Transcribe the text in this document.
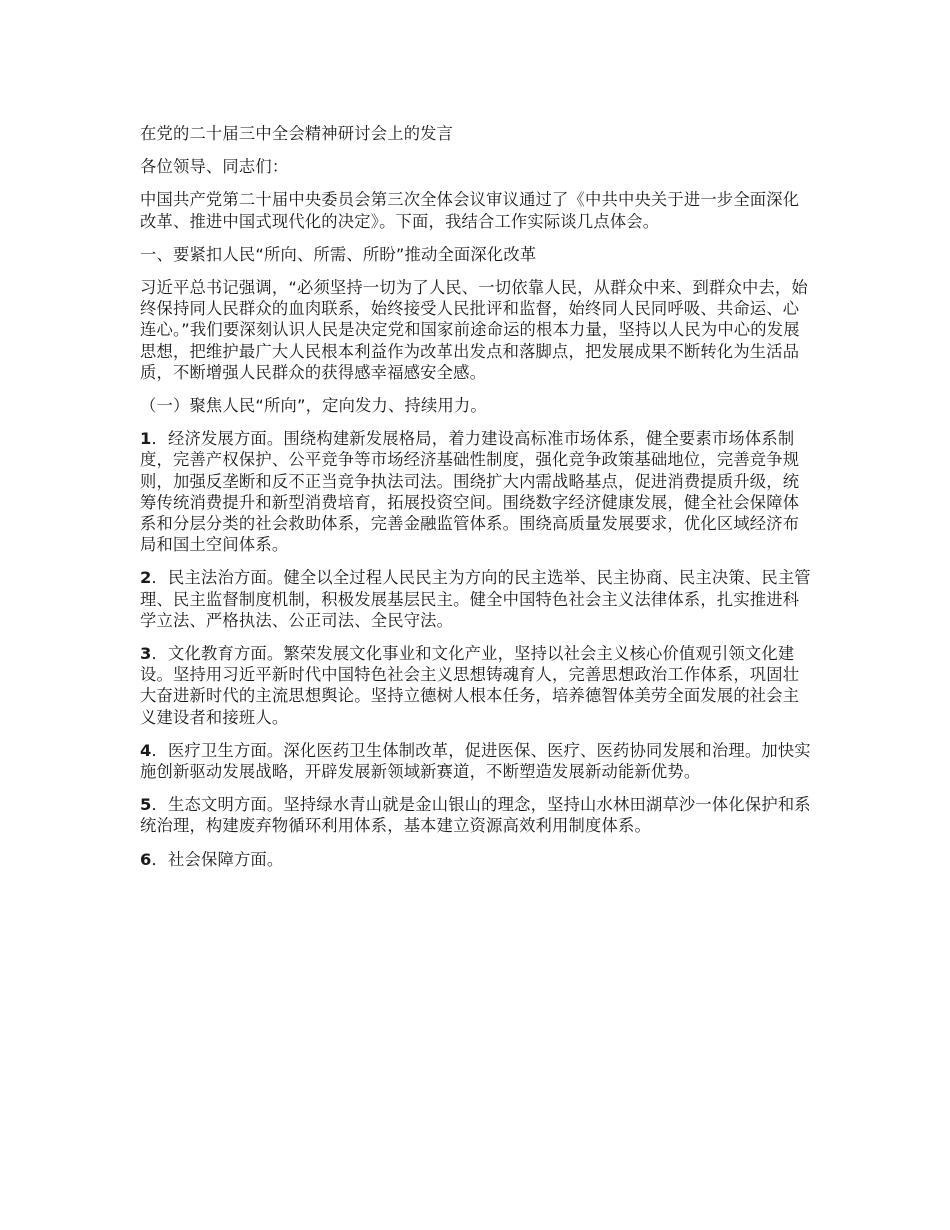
在党的二十届三中全会精神研讨会上的发言

各位领导、同志们：

中国共产党第二十届中央委员会第三次全体会议审议通过了《中共中央关于进一步全面深化改革、推进中国式现代化的决定》。下面，我结合工作实际谈几点体会。

一、要紧扣人民“所向、所需、所盼”推动全面深化改革

习近平总书记强调，“必须坚持一切为了人民、一切依靠人民，从群众中来、到群众中去，始终保持同人民群众的血肉联系，始终接受人民批评和监督，始终同人民同呼吸、共命运、心连心。”我们要深刻认识人民是决定党和国家前途命运的根本力量，坚持以人民为中心的发展思想，把维护最广大人民根本利益作为改革出发点和落脚点，把发展成果不断转化为生活品质，不断增强人民群众的获得感幸福感安全感。

（一）聚焦人民“所向”，定向发力、持续用力。

1．经济发展方面。围绕构建新发展格局，着力建设高标准市场体系，健全要素市场体系制度，完善产权保护、公平竞争等市场经济基础性制度，强化竞争政策基础地位，完善竞争规则，加强反垄断和反不正当竞争执法司法。围绕扩大内需战略基点，促进消费提质升级，统筹传统消费提升和新型消费培育，拓展投资空间。围绕数字经济健康发展，健全社会保障体系和分层分类的社会救助体系，完善金融监管体系。围绕高质量发展要求，优化区域经济布局和国土空间体系。

2．民主法治方面。健全以全过程人民民主为方向的民主选举、民主协商、民主决策、民主管理、民主监督制度机制，积极发展基层民主。健全中国特色社会主义法律体系，扎实推进科学立法、严格执法、公正司法、全民守法。

3．文化教育方面。繁荣发展文化事业和文化产业，坚持以社会主义核心价值观引领文化建设。坚持用习近平新时代中国特色社会主义思想铸魂育人，完善思想政治工作体系，巩固壮大奋进新时代的主流思想舆论。坚持立德树人根本任务，培养德智体美劳全面发展的社会主义建设者和接班人。

4．医疗卫生方面。深化医药卫生体制改革，促进医保、医疗、医药协同发展和治理。加快实施创新驱动发展战略，开辟发展新领域新赛道，不断塑造发展新动能新优势。

5．生态文明方面。坚持绿水青山就是金山银山的理念，坚持山水林田湖草沙一体化保护和系统治理，构建废弃物循环利用体系，基本建立资源高效利用制度体系。

6．社会保障方面。
